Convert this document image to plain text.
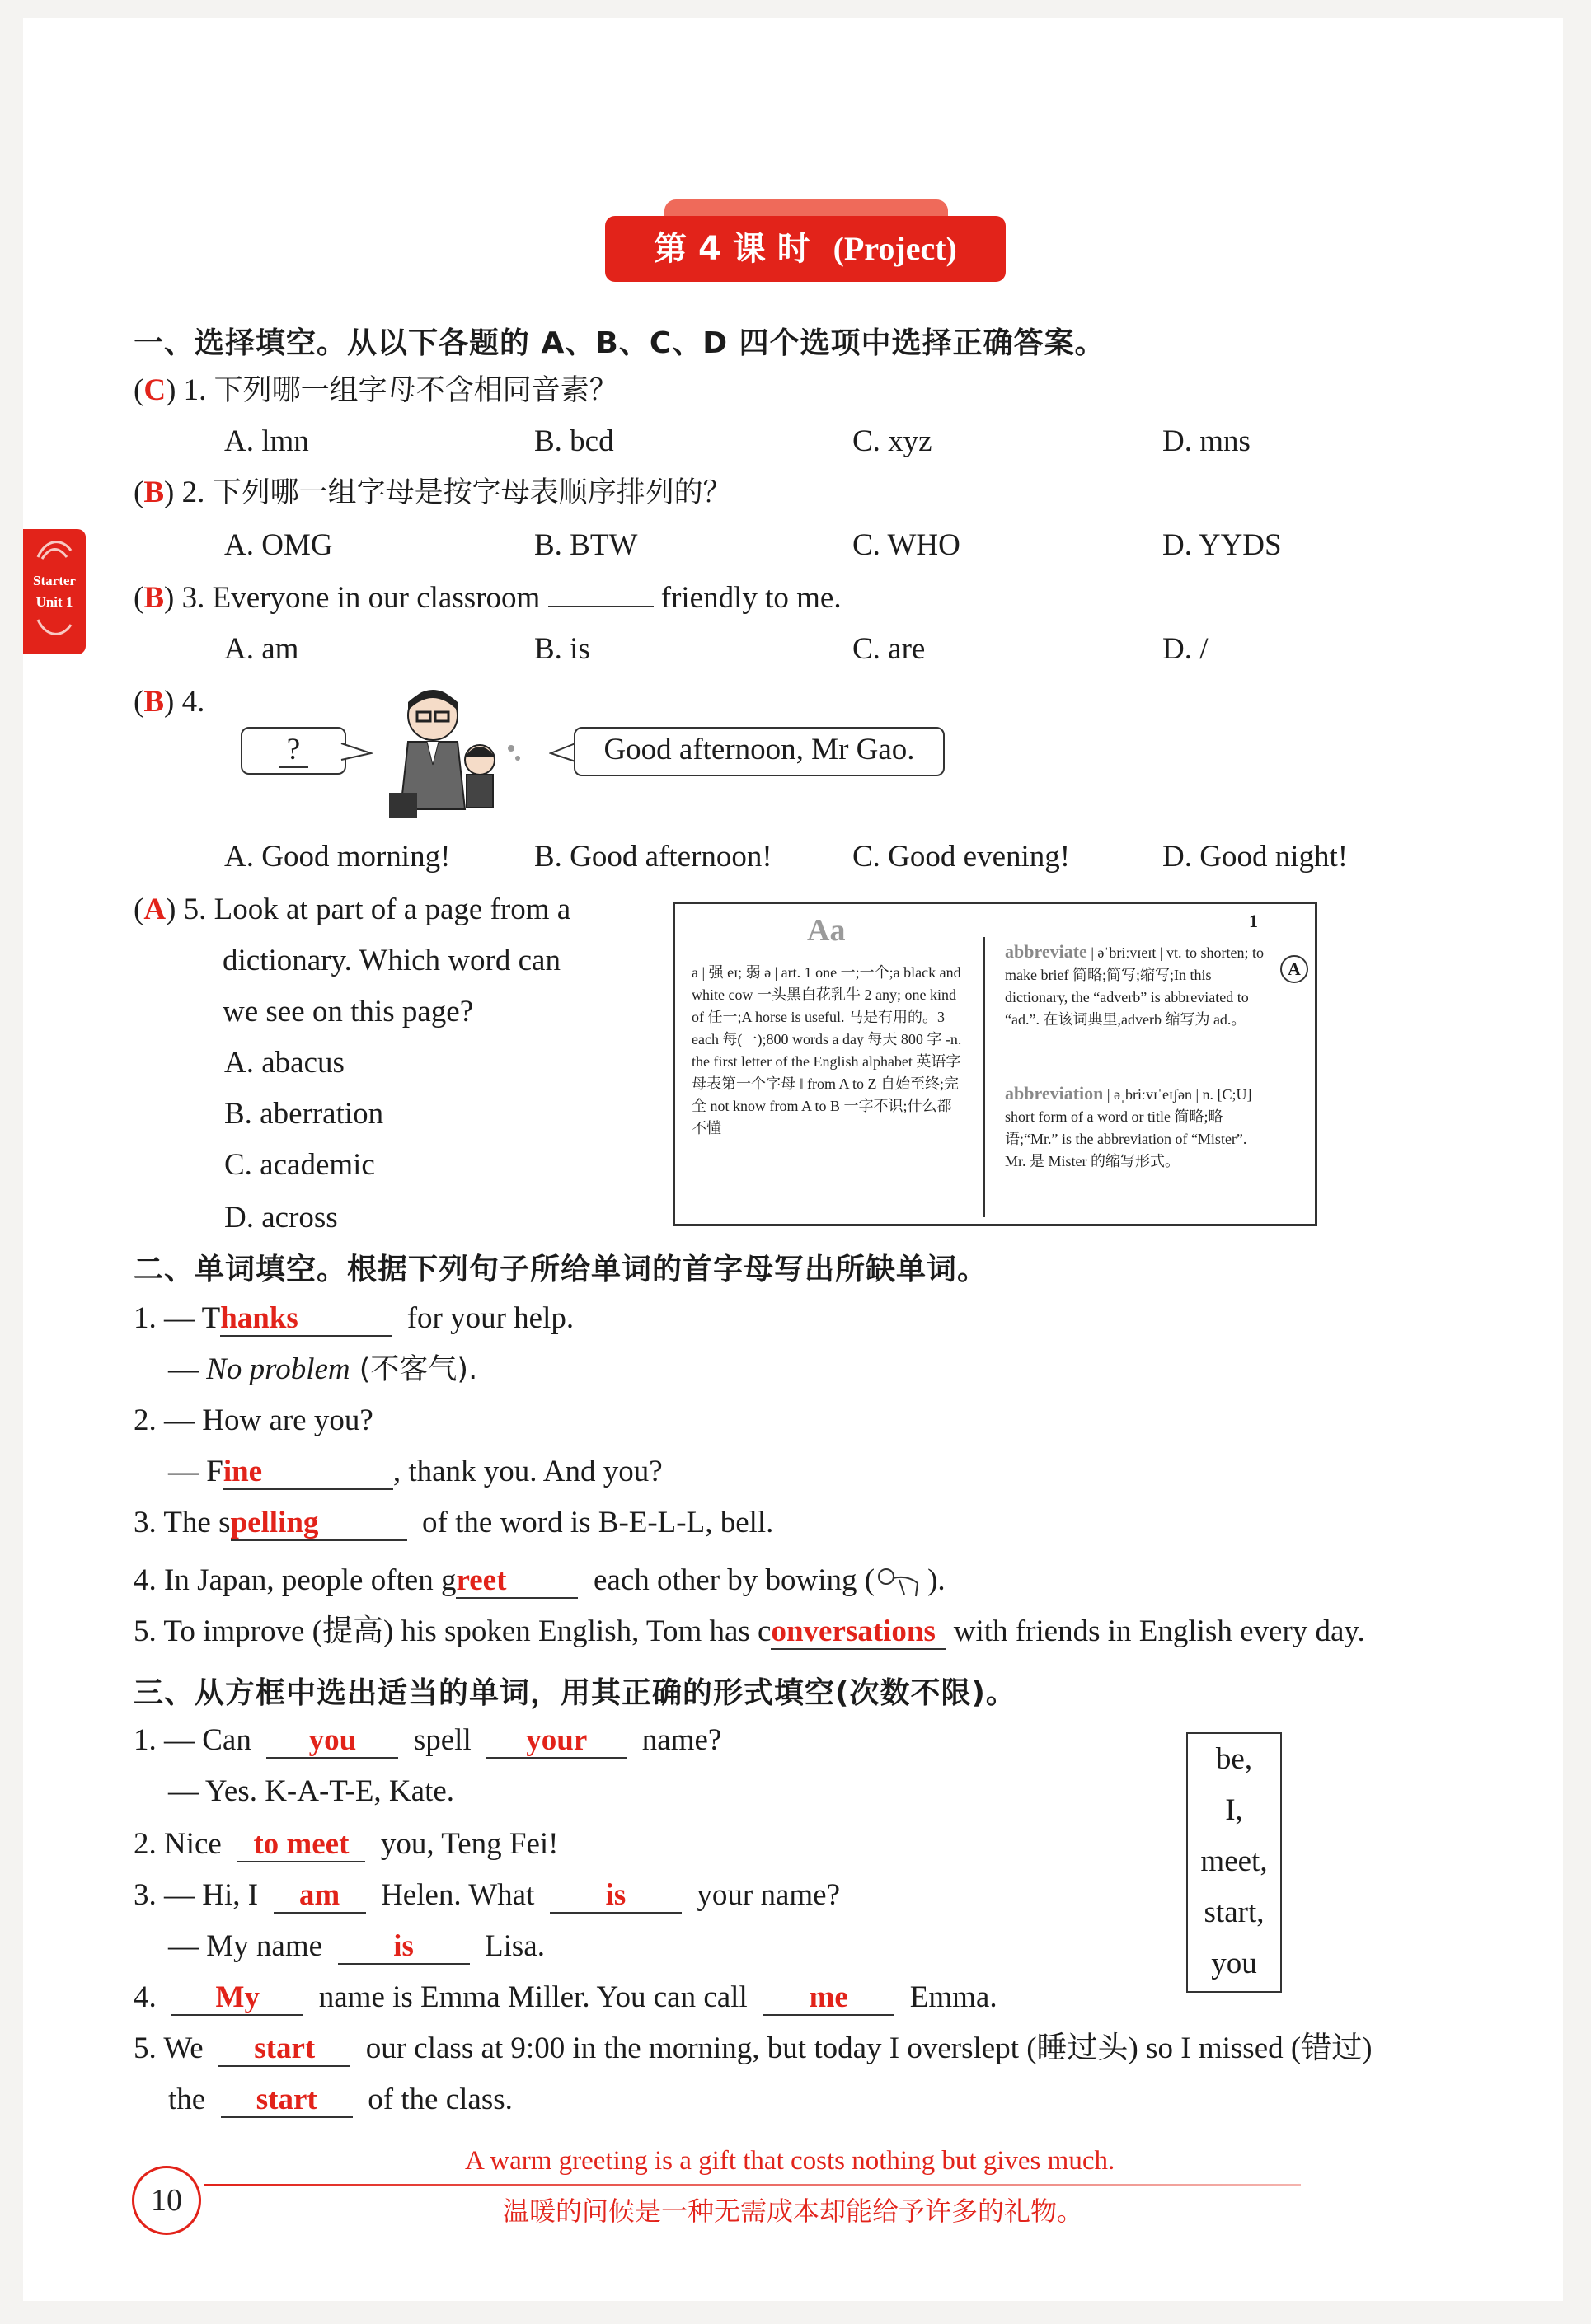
第 4 课 时 (Project)
Starter
Unit 1
一、选择填空。从以下各题的 A、B、C、D 四个选项中选择正确答案。
(C) 1. 下列哪一组字母不含相同音素？
A. lmn	B. bcd	C. xyz	D. mns
(B) 2. 下列哪一组字母是按字母表顺序排列的？
A. OMG	B. BTW	C. WHO	D. YYDS
(B) 3. Everyone in our classroom	friendly to me.
A. am	B. is	C. are	D. /
(B) 4.
?	Good afternoon, Mr Gao.
A. Good morning!	B. Good afternoon!	C. Good evening!	D. Good night!
(A) 5. Look at part of a page from a
dictionary. Which word can
we see on this page?
A. abacus
B. aberration
C. academic
D. across
Aa	1
A
a | 强 eɪ; 弱 ə | art. 1 one 一;一个;a black and white cow 一头黑白花乳牛 2 any; one kind of 任一;A horse is useful. 马是有用的。3 each 每(一);800 words a day 每天 800 字 -n. the first letter of the English alphabet 英语字母表第一个字母 ‖ from A to Z 自始至终;完全 not know from A to B 一字不识;什么都不懂
abbreviate | əˈbriːvɪeɪt | vt. to shorten; to make brief 简略;简写;缩写;In this dictionary, the “adverb” is abbreviated to “ad.”. 在该词典里,adverb 缩写为 ad.。
abbreviation | əˌbriːvɪˈeɪʃən | n. [C;U] short form of a word or title 简略;略语;“Mr.” is the abbreviation of “Mister”. Mr. 是 Mister 的缩写形式。
二、单词填空。根据下列句子所给单词的首字母写出所缺单词。
1. — Thanks	for your help.
— No problem (不客气).
2. — How are you?
— Fine	, thank you. And you?
3. The spelling	of the word is B-E-L-L, bell.
4. In Japan, people often greet	each other by bowing ( ).
5. To improve (提高) his spoken English, Tom has conversations with friends in English every day.
三、从方框中选出适当的单词，用其正确的形式填空(次数不限)。
be,
I,
meet,
start,
you
1. — Can you spell your name?
— Yes. K-A-T-E, Kate.
2. Nice to meet you, Teng Fei!
3. — Hi, I am Helen. What is your name?
— My name is Lisa.
4. My name is Emma Miller. You can call me Emma.
5. We start our class at 9:00 in the morning, but today I overslept (睡过头) so I missed (错过)
the start of the class.
10
A warm greeting is a gift that costs nothing but gives much.
温暖的问候是一种无需成本却能给予许多的礼物。
